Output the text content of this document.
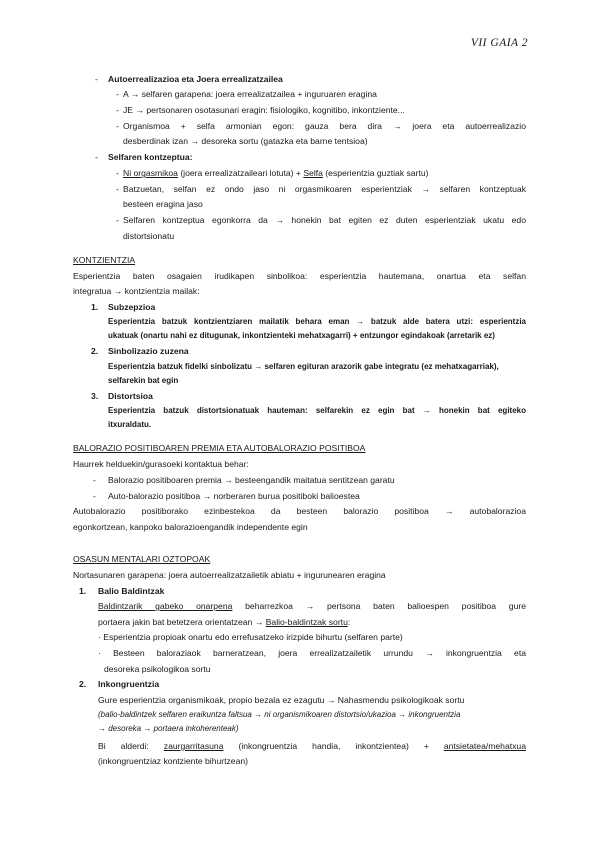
VII GAIA 2
- Autoerrealizazioa eta Joera errealizatzailea
- A → selfaren garapena: joera errealizatzailea + inguruaren eragina
- JE → pertsonaren osotasunari eragin: fisiologiko, kognitibo, inkontziente...
- Organismoa + selfa armonian egon: gauza bera dira → joera eta autoerrealizazio
desberdinak izan → desoreka sortu (gatazka eta barne tentsioa)
- Selfaren kontzeptua:
- Ni orgasmikoa (joera errealizatzaileari lotuta) + Selfa (esperientzia guztiak sartu)
- Batzuetan, selfan ez ondo jaso ni orgasmikoaren esperientziak → selfaren kontzeptuak
besteen eragina jaso
- Selfaren kontzeptua egonkorra da → honekin bat egiten ez duten esperientziak ukatu edo
distortsionatu
KONTZIENTZIA
Esperientzia baten osagaien irudikapen sinbolikoa: esperientzia hautemana, onartua eta selfan
integratua → kontzientzia mailak:
1. Subzepzioa
Esperientzia batzuk kontzientziaren mailatik behara eman → batzuk alde batera utzi: esperientzia
ukatuak (onartu nahi ez ditugunak, inkontzienteki mehatxagarri) + entzungor egindakoak (arretarik ez)
2. Sinbolizazio zuzena
Esperientzia batzuk fidelki sinbolizatu → selfaren egituran arazorik gabe integratu (ez mehatxagarriak),
selfarekin bat egin
3. Distortsioa
Esperientzia batzuk distortsionatuak hauteman: selfarekin ez egin bat → honekin bat egiteko
itxuraldatu.
BALORAZIO POSITIBOAREN PREMIA ETA AUTOBALORAZIO POSITIBOA
Haurrek helduekin/gurasoeki kontaktua behar:
- Balorazio positiboaren premia → besteengandik maitatua sentitzean garatu
- Auto-balorazio positiboa → norberaren burua positiboki balioestea
Autobalorazio positiborako ezinbestekoa da besteen balorazio positiboa → autobalorazioa
egonkortzean, kanpoko balorazioengandik independente egin
OSASUN MENTALARI OZTOPOAK
Nortasunaren garapena: joera autoerrealizatzailetik abiatu + ingurunearen eragina
1. Balio Baldintzak
Baldintzarik gabeko onarpena beharrezkoa → pertsona baten balioespen positiboa gure
portaera jakin bat betetzera orientatzean → Balio-baldintzak sortu:
· Esperientzia propioak onartu edo errefusatzeko irizpide bihurtu (selfaren parte)
· Besteen baloraziaok barneratzean, joera errealizatzailetik urrundu → inkongruentzia eta
desoreka psikologikoa sortu
2. Inkongruentzia
Gure esperientzia organismikoak, propio bezala ez ezagutu → Nahasmendu psikologikoak sortu
(balio-baldintzek selfaren eraikuntza faltsua → ni organismikoaren distortsio/ukazioa → inkongruentzia
→ desoreka → portaera inkoherenteak)
Bi alderdi: zaurgarritasuna (inkongruentzia handia, inkontzientea) + antsietatea/mehatxua
(inkongruentziaz kontziente bihurtzean)
